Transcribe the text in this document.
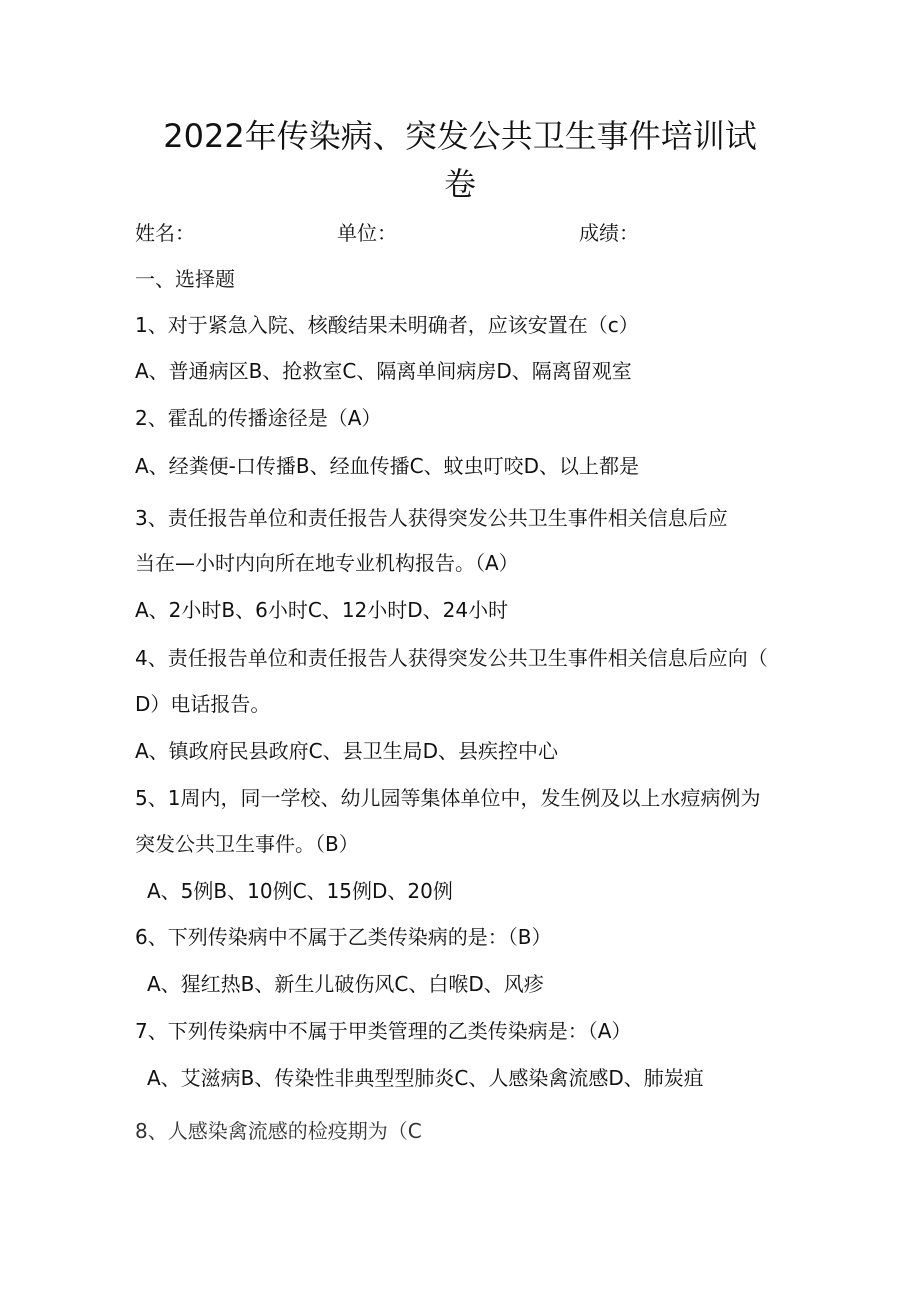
2022年传染病、突发公共卫生事件培训试
卷
姓名：	单位：	成绩：
一、选择题
1、对于紧急入院、核酸结果未明确者，应该安置在（c）
A、普通病区B、抢救室C、隔离单间病房D、隔离留观室
2、霍乱的传播途径是（A）
A、经粪便-口传播B、经血传播C、蚊虫叮咬D、以上都是
3、责任报告单位和责任报告人获得突发公共卫生事件相关信息后应
当在—小时内向所在地专业机构报告。（A）
A、2小时B、6小时C、12小时D、24小时
4、责任报告单位和责任报告人获得突发公共卫生事件相关信息后应向（
D）电话报告。
A、镇政府民县政府C、县卫生局D、县疾控中心
5、1周内，同一学校、幼儿园等集体单位中，发生例及以上水痘病例为
突发公共卫生事件。（B）
A、5例B、10例C、15例D、20例
6、下列传染病中不属于乙类传染病的是：（B）
A、猩红热B、新生儿破伤风C、白喉D、风疹
7、下列传染病中不属于甲类管理的乙类传染病是：（A）
A、艾滋病B、传染性非典型型肺炎C、人感染禽流感D、肺炭疽
8、人感染禽流感的检疫期为（C
